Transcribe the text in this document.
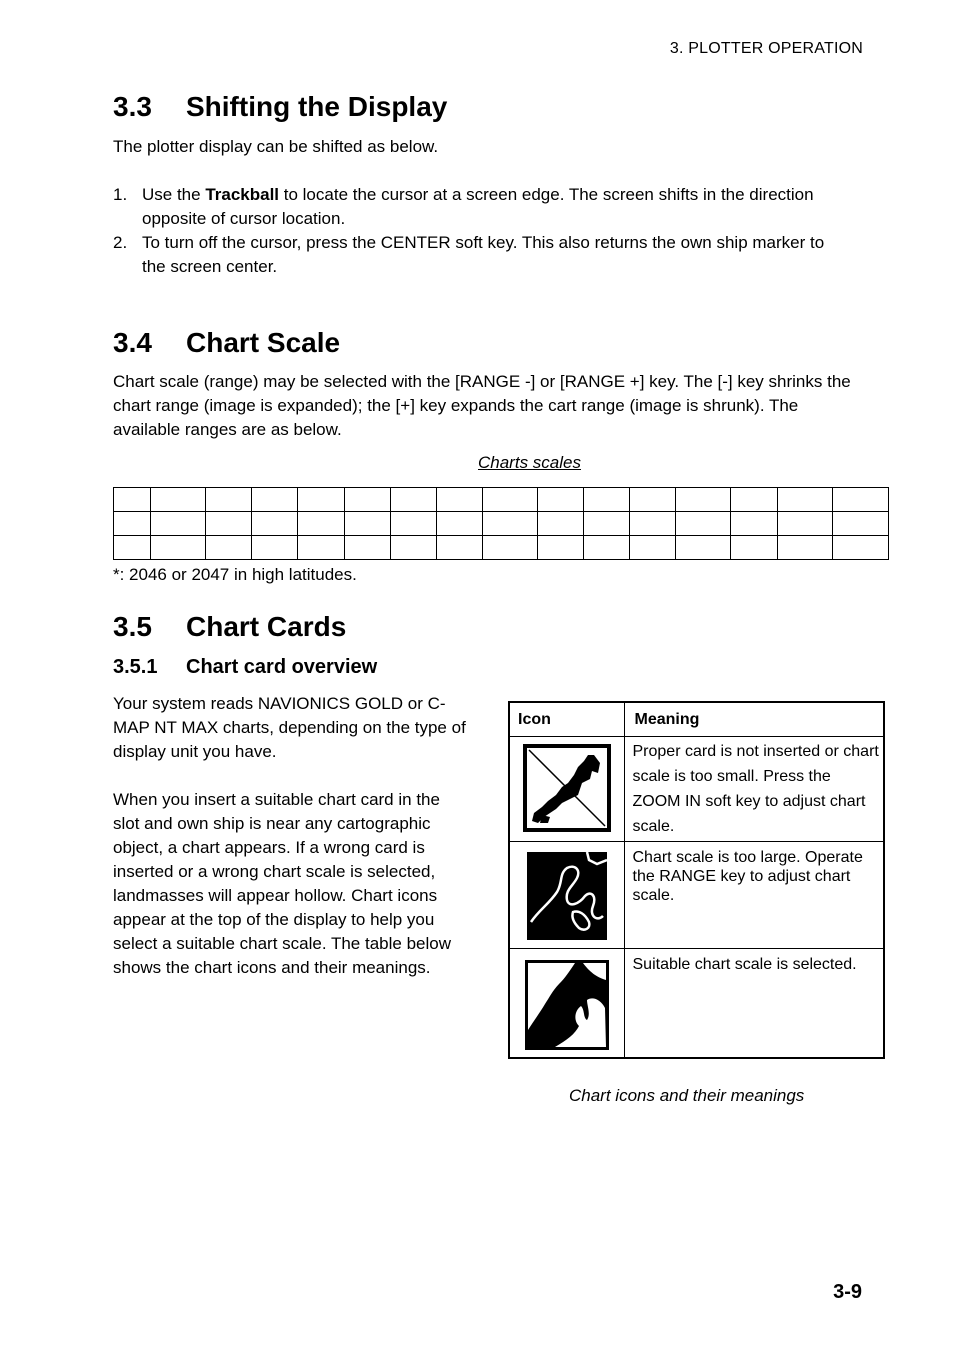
3. PLOTTER OPERATION
3.3 Shifting the Display
The plotter display can be shifted as below.
1. Use the Trackball to locate the cursor at a screen edge. The screen shifts in the direction opposite of cursor location.
2. To turn off the cursor, press the CENTER soft key. This also returns the own ship marker to the screen center.
3.4 Chart Scale
Chart scale (range) may be selected with the [RANGE -] or [RANGE +] key. The [-] key shrinks the chart range (image is expanded); the [+] key expands the cart range (image is shrunk). The available ranges are as below.
Charts scales

*: 2046 or 2047 in high latitudes.
3.5 Chart Cards
3.5.1 Chart card overview
Your system reads NAVIONICS GOLD or C-MAP NT MAX charts, depending on the type of display unit you have.
When you insert a suitable chart card in the slot and own ship is near any cartographic object, a chart appears. If a wrong card is inserted or a wrong chart scale is selected, landmasses will appear hollow. Chart icons appear at the top of the display to help you select a suitable chart scale. The table below shows the chart icons and their meanings.
Icon	Meaning

	Proper card is not inserted or chart scale is too small. Press the ZOOM IN soft key to adjust chart scale.

	Chart scale is too large. Operate the RANGE key to adjust chart scale.

	Suitable chart scale is selected.
Chart icons and their meanings
3-9
